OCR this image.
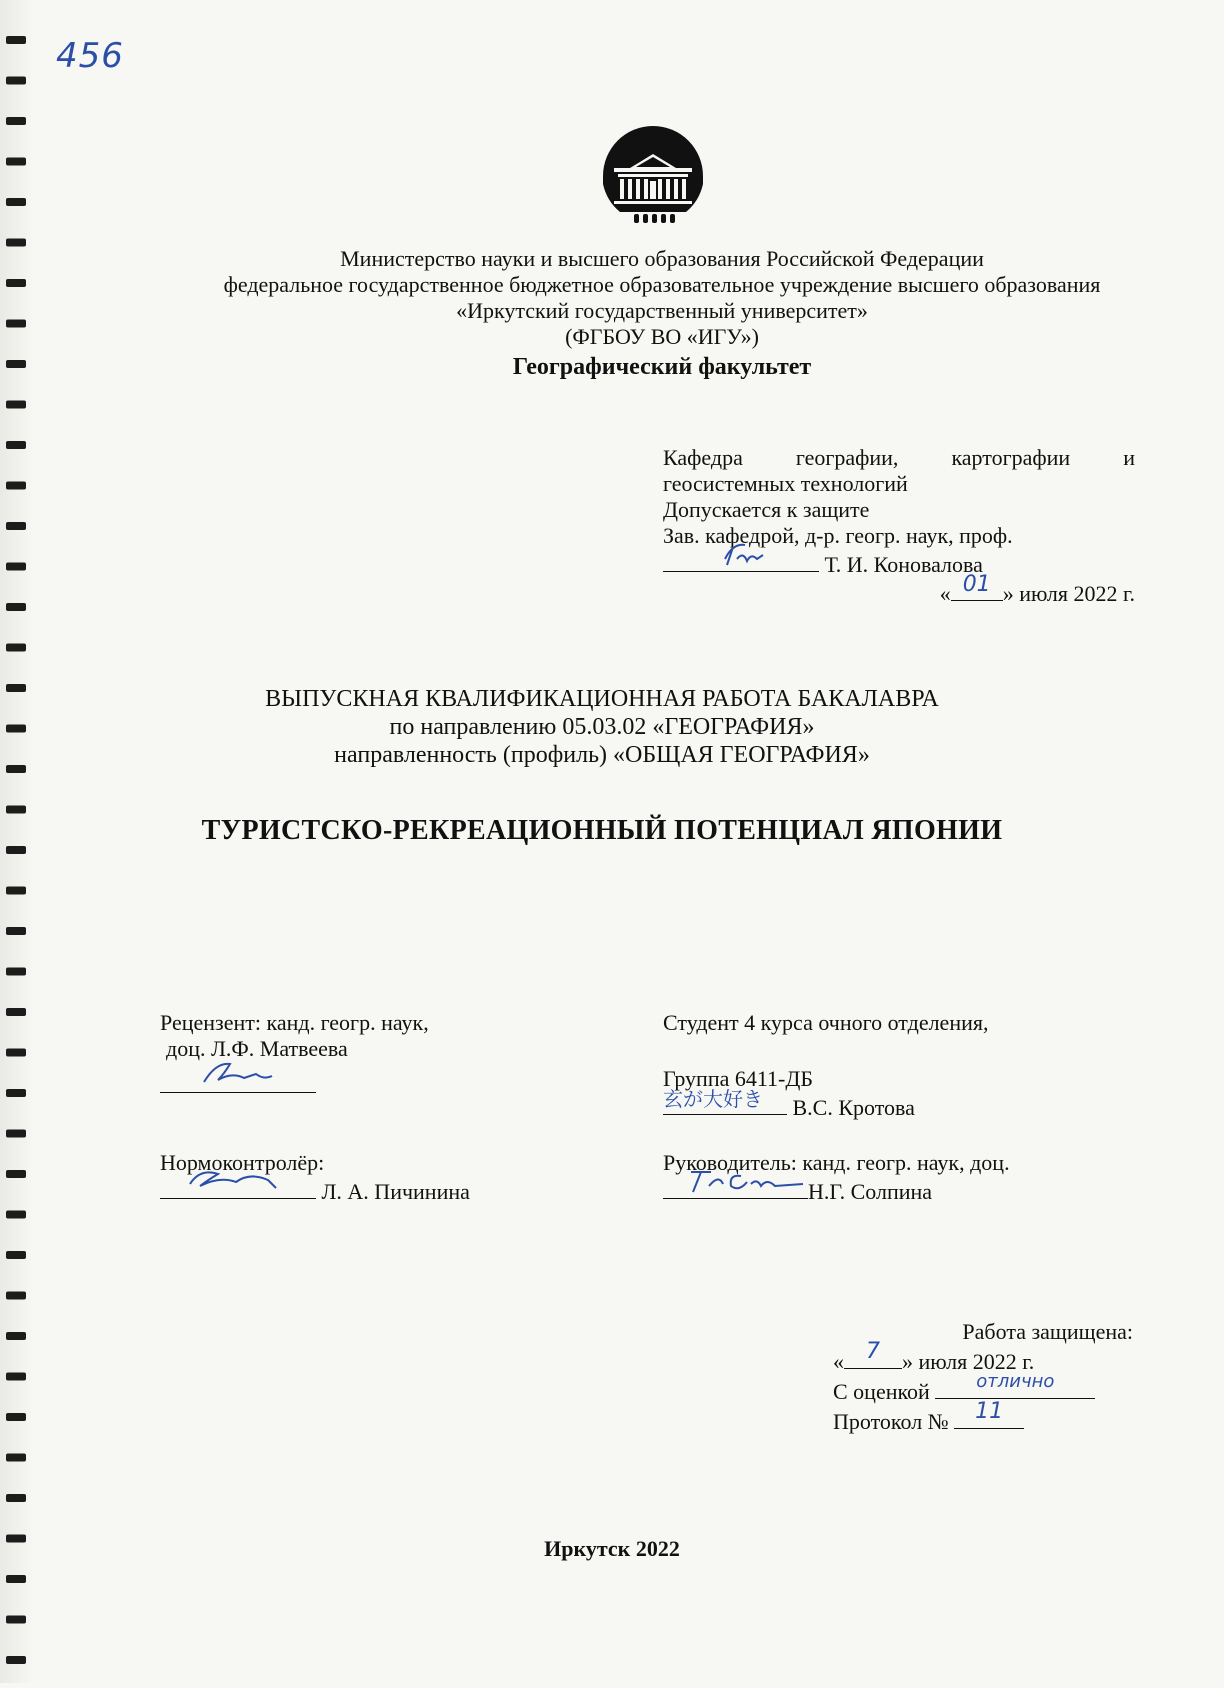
456
Министерство науки и высшего образования Российской Федерации
федеральное государственное бюджетное образовательное учреждение высшего образования
«Иркутский государственный университет»
(ФГБОУ ВО «ИГУ»)
Географический факультет
Кафедра географии, картографии и
геосистемных технологий
Допускается к защите
Зав. кафедрой, д-р. геогр. наук, проф.
Т. И. Коновалова
« 01 » июля 2022 г.
ВЫПУСКНАЯ КВАЛИФИКАЦИОННАЯ РАБОТА БАКАЛАВРА
по направлению 05.03.02 «ГЕОГРАФИЯ»
направленность (профиль) «ОБЩАЯ ГЕОГРАФИЯ»
ТУРИСТСКО-РЕКРЕАЦИОННЫЙ ПОТЕНЦИАЛ ЯПОНИИ
Рецензент: канд. геогр. наук,
доц. Л.Ф. Матвеева
Нормоконтролёр:
Л. А. Пичинина
Студент 4 курса очного отделения,
Группа 6411-ДБ
玄が大好き	В.С. Кротова
Руководитель: канд. геогр. наук, доц.
Н.Г. Солпина
Работа защищена:
«	7	» июля 2022 г.
С оценкой	отлично
Протокол №	11
Иркутск 2022
